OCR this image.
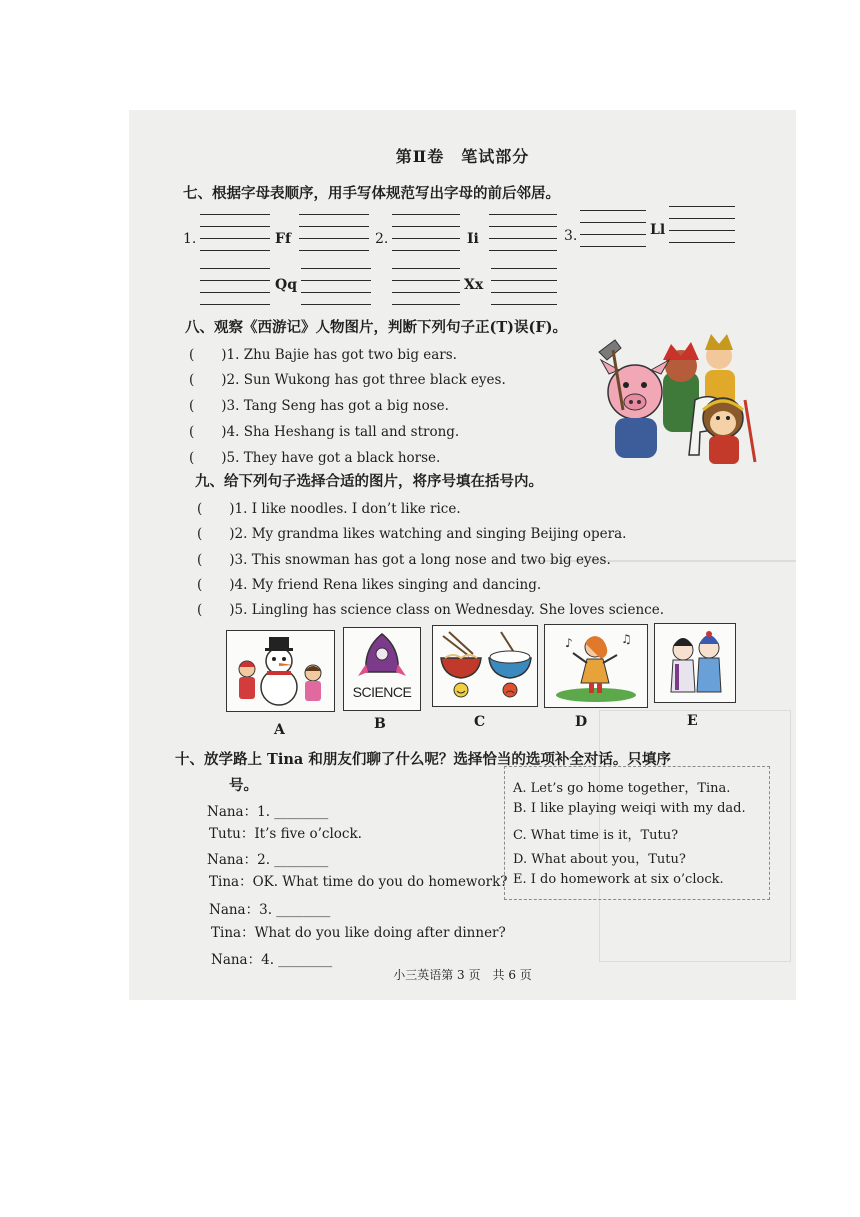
第Ⅱ卷　笔试部分
七、根据字母表顺序，用手写体规范写出字母的前后邻居。
1.	Ff	2.	Ii	3.	Ll
Qq	Xx
八、观察《西游记》人物图片，判断下列句子正(T)误(F)。
(　　)1. Zhu Bajie has got two big ears.
(　　)2. Sun Wukong has got three black eyes.
(　　)3. Tang Seng has got a big nose.
(　　)4. Sha Heshang is tall and strong.
(　　)5. They have got a black horse.
九、给下列句子选择合适的图片，将序号填在括号内。
(　　)1. I like noodles. I don’t like rice.
(　　)2. My grandma likes watching and singing Beijing opera.
(　　)3. This snowman has got a long nose and two big eyes.
(　　)4. My friend Rena likes singing and dancing.
(　　)5. Lingling has science class on Wednesday. She loves science.
A
SCIENCE
B	C
♪	♫
D	E
十、放学路上 Tina 和朋友们聊了什么呢？选择恰当的选项补全对话。只填序
号。
Nana：1. ________
Tutu：It’s five o’clock.
Nana：2. ________
Tina：OK. What time do you do homework?
Nana：3. ________
Tina：What do you like doing after dinner?
Nana：4. ________
A. Let’s go home together，Tina.
B. I like playing weiqi with my dad.
C. What time is it，Tutu?
D. What about you，Tutu?
E. I do homework at six o’clock.
小三英语第 3 页　共 6 页
